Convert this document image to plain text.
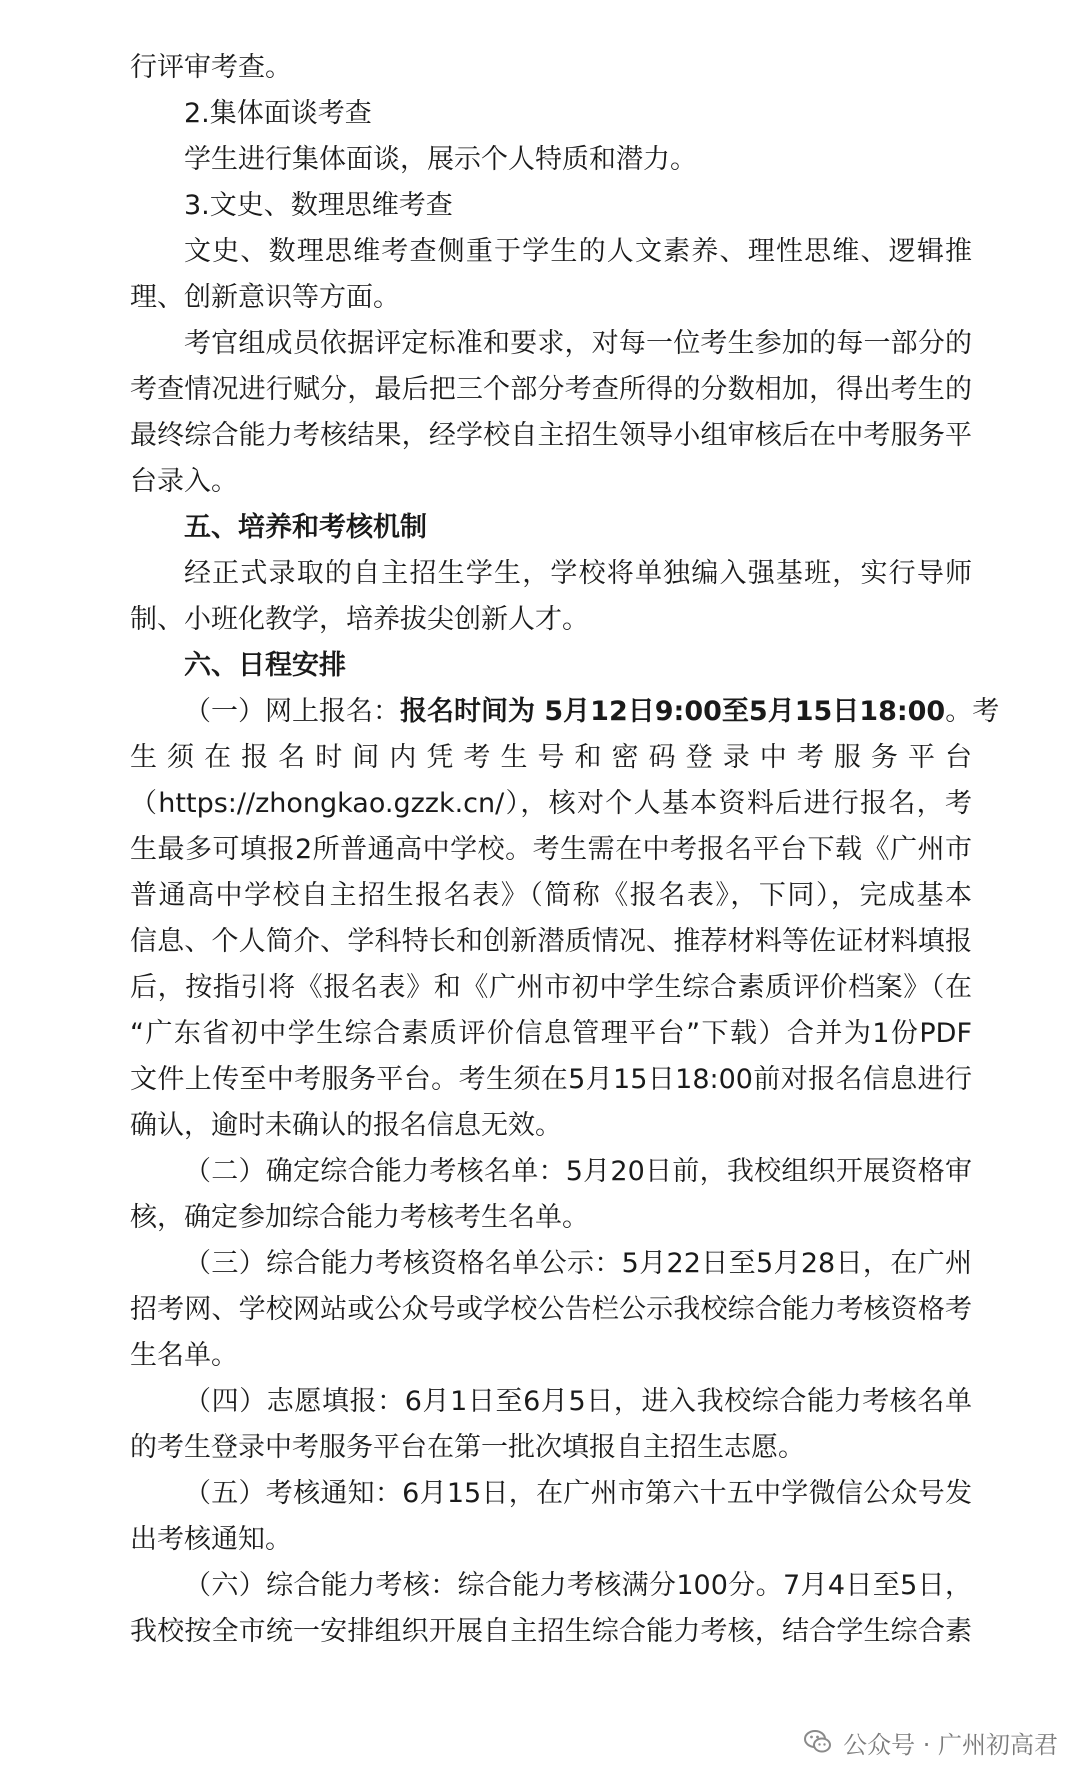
行评审考查。
2.集体面谈考查
学生进行集体面谈，展示个人特质和潜力。
3.文史、数理思维考查
文史、数理思维考查侧重于学生的人文素养、理性思维、逻辑推
理、创新意识等方面。
考官组成员依据评定标准和要求，对每一位考生参加的每一部分的
考查情况进行赋分，最后把三个部分考查所得的分数相加，得出考生的
最终综合能力考核结果，经学校自主招生领导小组审核后在中考服务平
台录入。
五、培养和考核机制
经正式录取的自主招生学生，学校将单独编入强基班，实行导师
制、小班化教学，培养拔尖创新人才。
六、日程安排
（一）网上报名：报名时间为 5月12日9:00至5月15日18:00。考
生须在报名时间内凭考生号和密码登录中考服务平台
（https://zhongkao.gzzk.cn/），核对个人基本资料后进行报名，考
生最多可填报2所普通高中学校。考生需在中考报名平台下载《广州市
普通高中学校自主招生报名表》（简称《报名表》，下同），完成基本
信息、个人简介、学科特长和创新潜质情况、推荐材料等佐证材料填报
后，按指引将《报名表》和《广州市初中学生综合素质评价档案》（在
“广东省初中学生综合素质评价信息管理平台”下载）合并为1份PDF
文件上传至中考服务平台。考生须在5月15日18:00前对报名信息进行
确认，逾时未确认的报名信息无效。
（二）确定综合能力考核名单：5月20日前，我校组织开展资格审
核，确定参加综合能力考核考生名单。
（三）综合能力考核资格名单公示：5月22日至5月28日，在广州
招考网、学校网站或公众号或学校公告栏公示我校综合能力考核资格考
生名单。
（四）志愿填报：6月1日至6月5日，进入我校综合能力考核名单
的考生登录中考服务平台在第一批次填报自主招生志愿。
（五）考核通知：6月15日，在广州市第六十五中学微信公众号发
出考核通知。
（六）综合能力考核：综合能力考核满分100分。7月4日至5日，
我校按全市统一安排组织开展自主招生综合能力考核，结合学生综合素
公众号 · 广州初高君
